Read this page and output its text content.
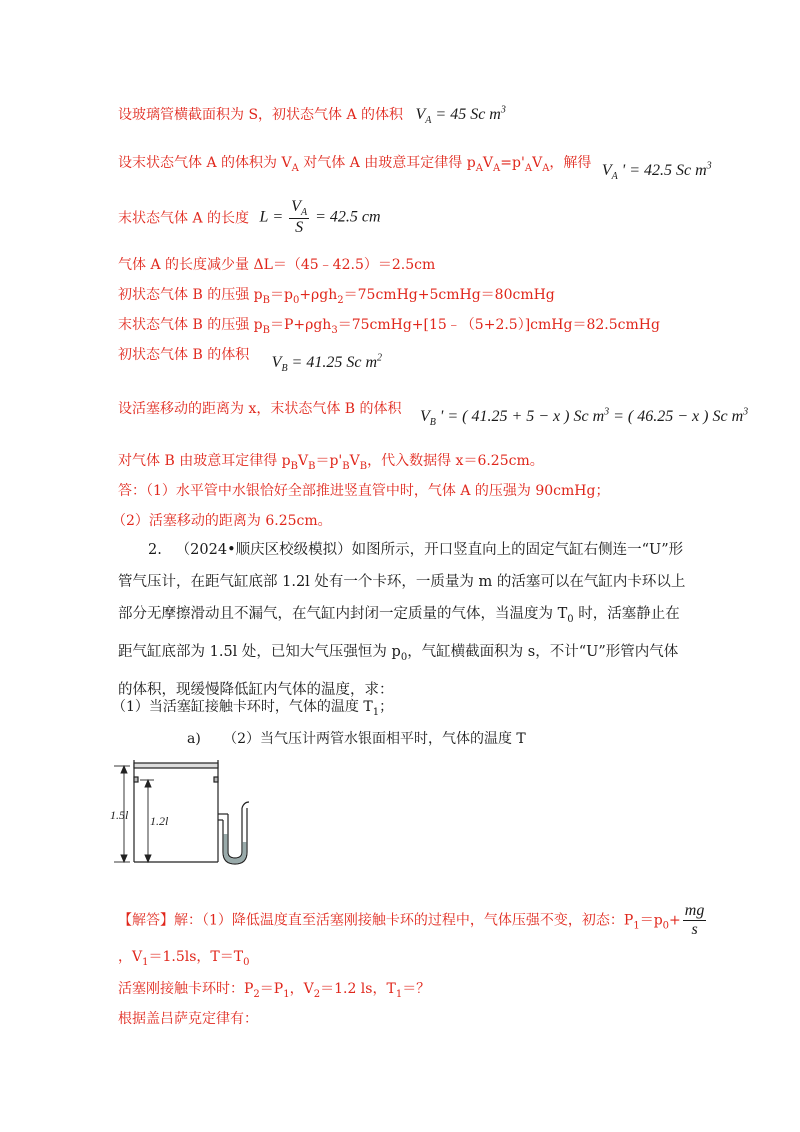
设玻璃管横截面积为 S，初状态气体 A 的体积 $V_A = 45$ Sc $m^3$
设末状态气体 A 的体积为 $V_A$ 对气体 A 由玻意耳定律得 $p_AV_A=p'_AV_A$，解得 $V_A$ ' = 42.5 Sc $m^3$
末状态气体 A 的长度 $L = \frac{V_A}{S} = 42.5$ cm
气体 A 的长度减少量 ΔL＝（45﹣42.5）＝2.5cm
初状态气体 B 的压强 $p_B=p_0+\rho gh_2=75cmHg+5cmHg=80cmHg$
末状态气体 B 的压强 $p_B=P+\rho gh_3=75cmHg+[15﹣(5+2.5)]cmHg=82.5cmHg$
初状态气体 B 的体积 $V_B = 41.25$ Sc $m^2$
设活塞移动的距离为 x，末状态气体 B 的体积 $V_B$ ' = ( 41.25 + 5 − x ) Sc $m^3$ = ( 46.25 − x ) Sc $m^3$
对气体 B 由玻意耳定律得 $p_BV_B=p'_BV_B$，代入数据得 x＝6.25cm。
答：（1）水平管中水银恰好全部推进竖直管中时，气体 A 的压强为 90cmHg；
（2）活塞移动的距离为 6.25cm。
2. （2024•顺庆区校级模拟）如图所示，开口竖直向上的固定气缸右侧连一“U”形管气压计，在距气缸底部 1.2l 处有一个卡环，一质量为 m 的活塞可以在气缸内卡环以上部分无摩擦滑动且不漏气，在气缸内封闭一定质量的气体，当温度为 $T_0$ 时，活塞静止在距气缸底部为 1.5l 处，已知大气压强恒为 $p_0$，气缸横截面积为 s，不计“U”形管内气体的体积，现缓慢降低缸内气体的温度，求：
（1）当活塞缸接触卡环时，气体的温度 $T_1$；
a) （2）当气压计两管水银面相平时，气体的温度 T
1.5l 1.2l
【解答】解：（1）降低温度直至活塞刚接触卡环的过程中，气体压强不变，初态：$P_1=p_0+ \frac{mg}{s}$
，$V_1=1.5ls$，$T=T_0$
活塞刚接触卡环时：$P_2=P_1$，$V_2=1.2$ ls，$T_1=$？
根据盖吕萨克定律有：
